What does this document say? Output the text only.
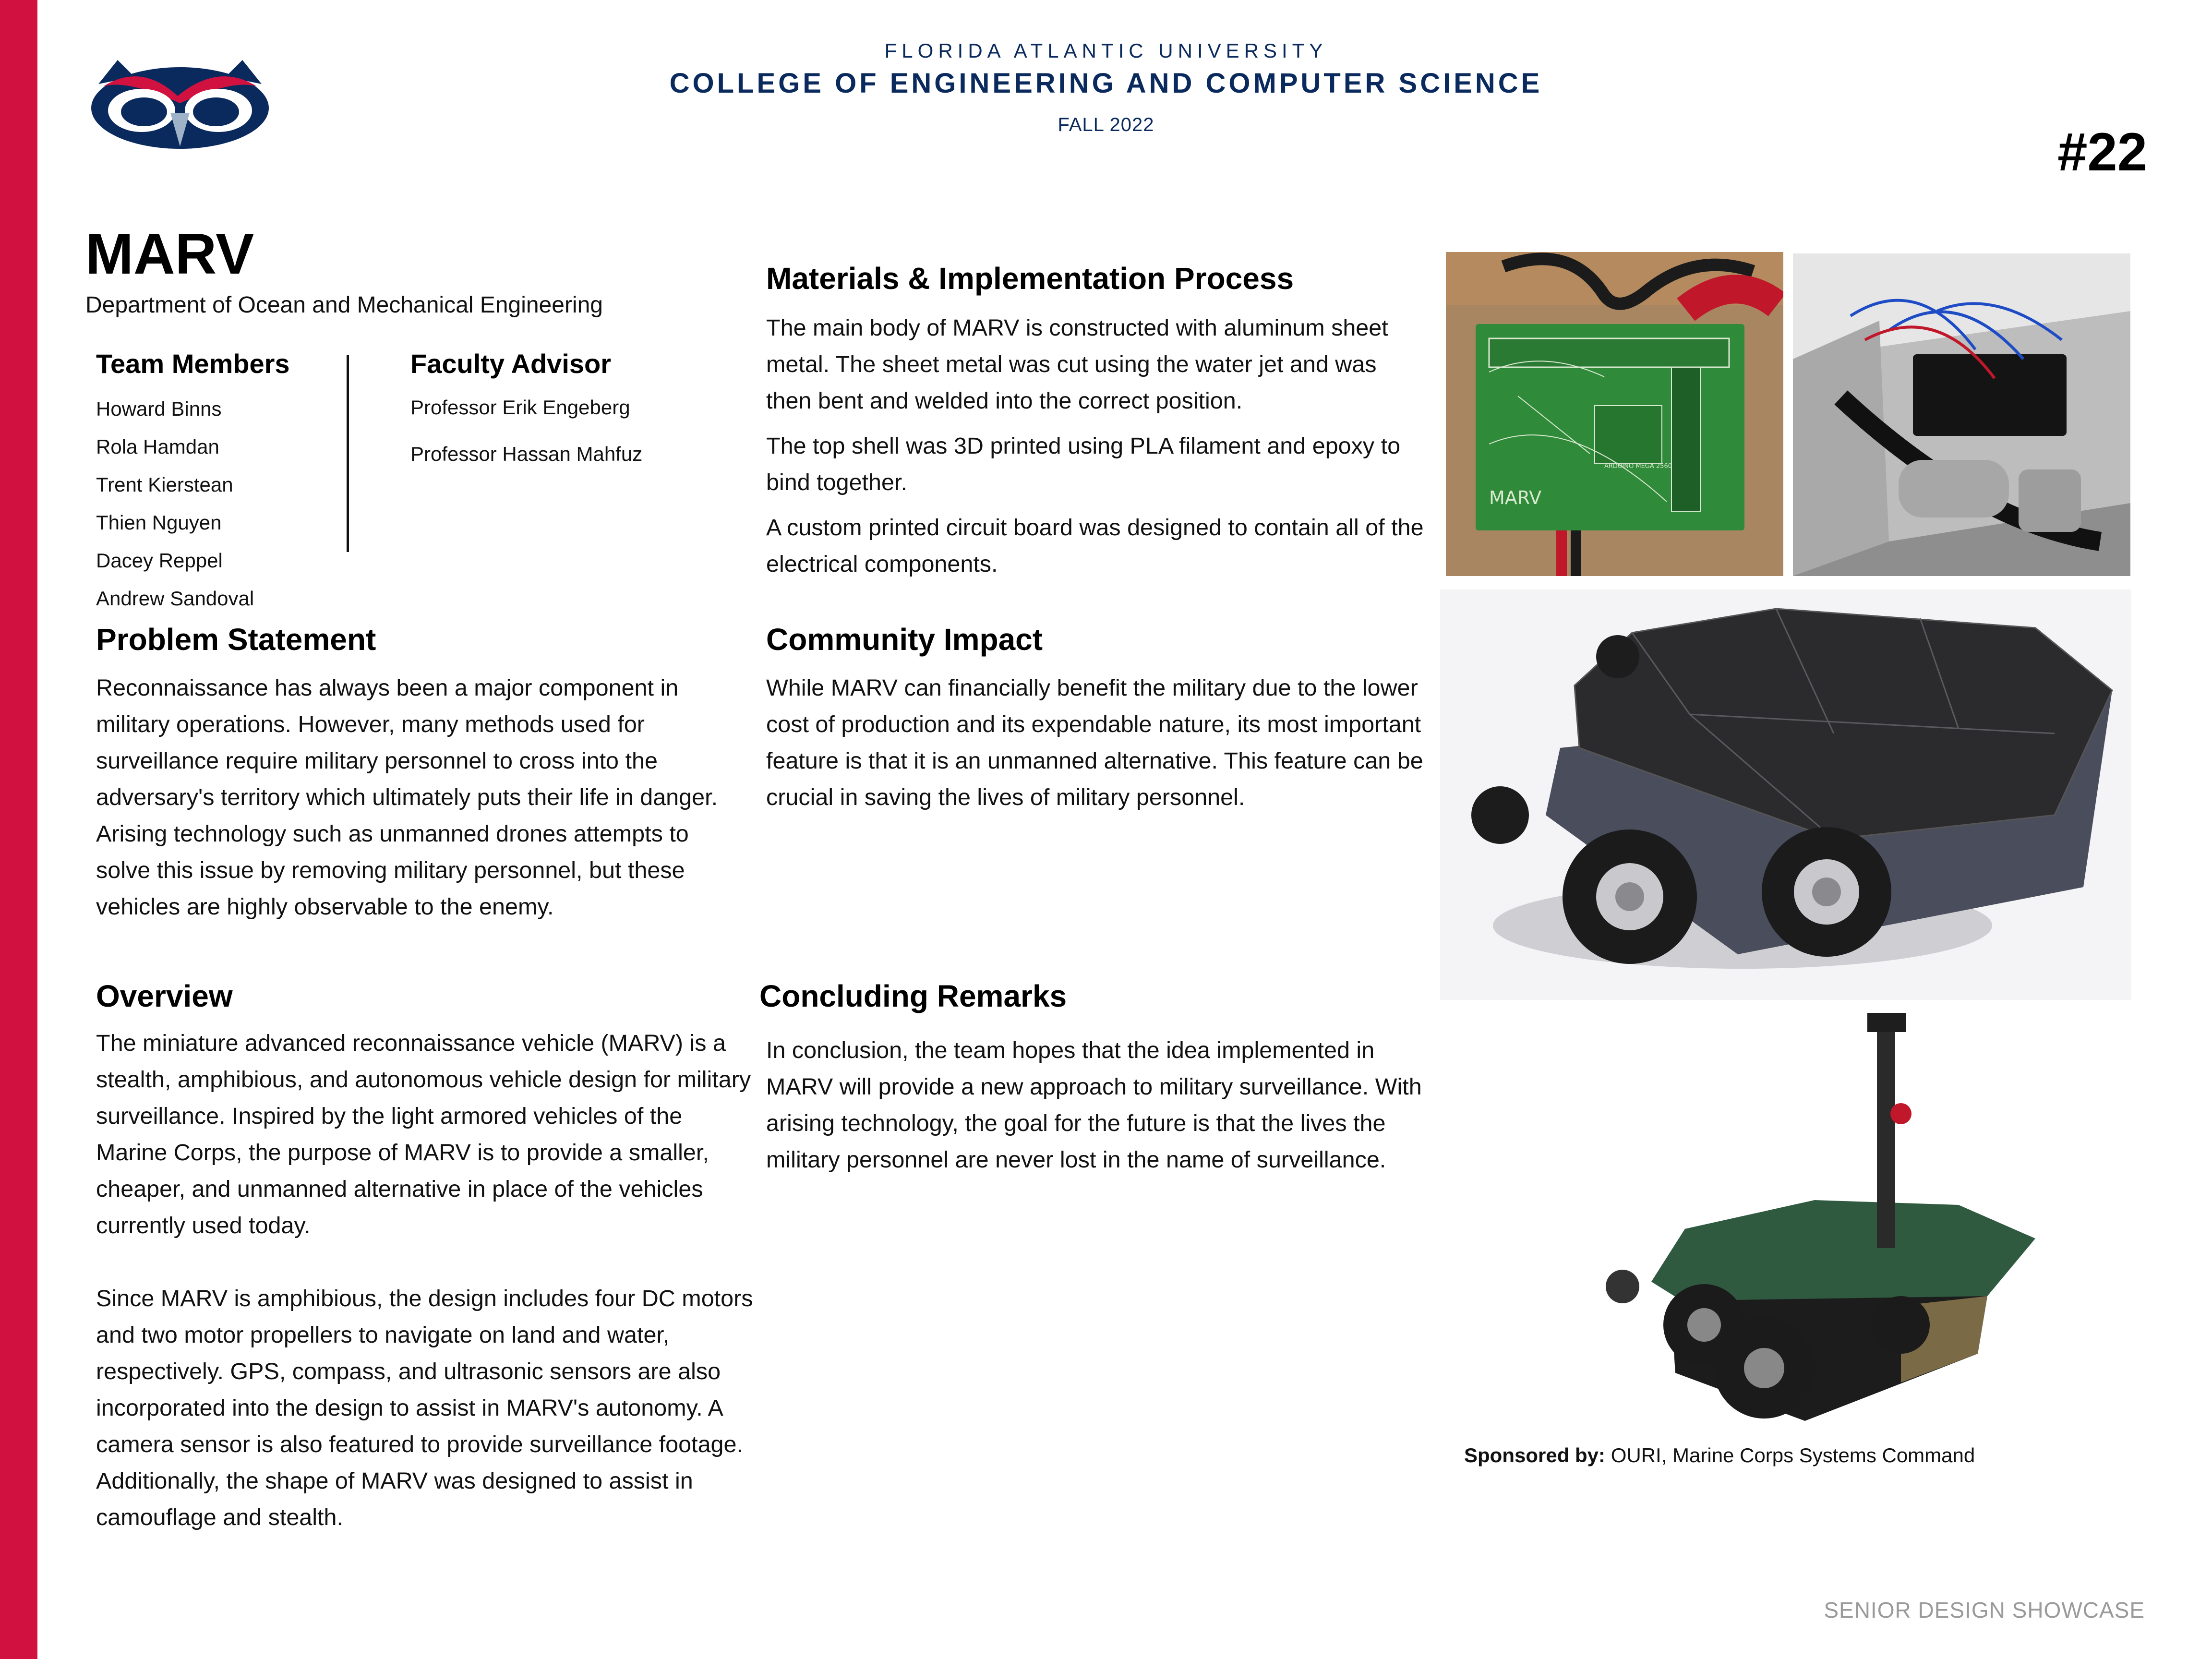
FLORIDA ATLANTIC UNIVERSITY
COLLEGE OF ENGINEERING AND COMPUTER SCIENCE
FALL 2022	#22
MARV
Department of Ocean and Mechanical Engineering
Team Members
Howard Binns
Rola Hamdan
Trent Kierstean
Thien Nguyen
Dacey Reppel
Andrew Sandoval
Faculty Advisor
Professor Erik Engeberg
Professor Hassan Mahfuz
Problem Statement
Reconnaissance has always been a major component in military operations. However, many methods used for surveillance require military personnel to cross into the adversary's territory which ultimately puts their life in danger. Arising technology such as unmanned drones attempts to solve this issue by removing military personnel, but these vehicles are highly observable to the enemy.
Overview

The miniature advanced reconnaissance vehicle (MARV) is a stealth, amphibious, and autonomous vehicle design for military surveillance. Inspired by the light armored vehicles of the Marine Corps, the purpose of MARV is to provide a smaller, cheaper, and unmanned alternative in place of the vehicles currently used today.

Since MARV is amphibious, the design includes four DC motors and two motor propellers to navigate on land and water, respectively. GPS, compass, and ultrasonic sensors are also incorporated into the design to assist in MARV's autonomy. A camera sensor is also featured to provide surveillance footage. Additionally, the shape of MARV was designed to assist in camouflage and stealth.

Materials & Implementation Process

The main body of MARV is constructed with aluminum sheet metal. The sheet metal was cut using the water jet and was then bent and welded into the correct position.

The top shell was 3D printed using PLA filament and epoxy to bind together.

A custom printed circuit board was designed to contain all of the electrical components.

Community Impact
While MARV can financially benefit the military due to the lower cost of production and its expendable nature, its most important feature is that it is an unmanned alternative. This feature can be crucial in saving the lives of military personnel.
Concluding Remarks
In conclusion, the team hopes that the idea implemented in MARV will provide a new approach to military surveillance. With arising technology, the goal for the future is that the lives the military personnel are never lost in the name of surveillance.
MARV
ARDUINO MEGA 2560
Sponsored by: OURI, Marine Corps Systems Command
SENIOR DESIGN SHOWCASE
